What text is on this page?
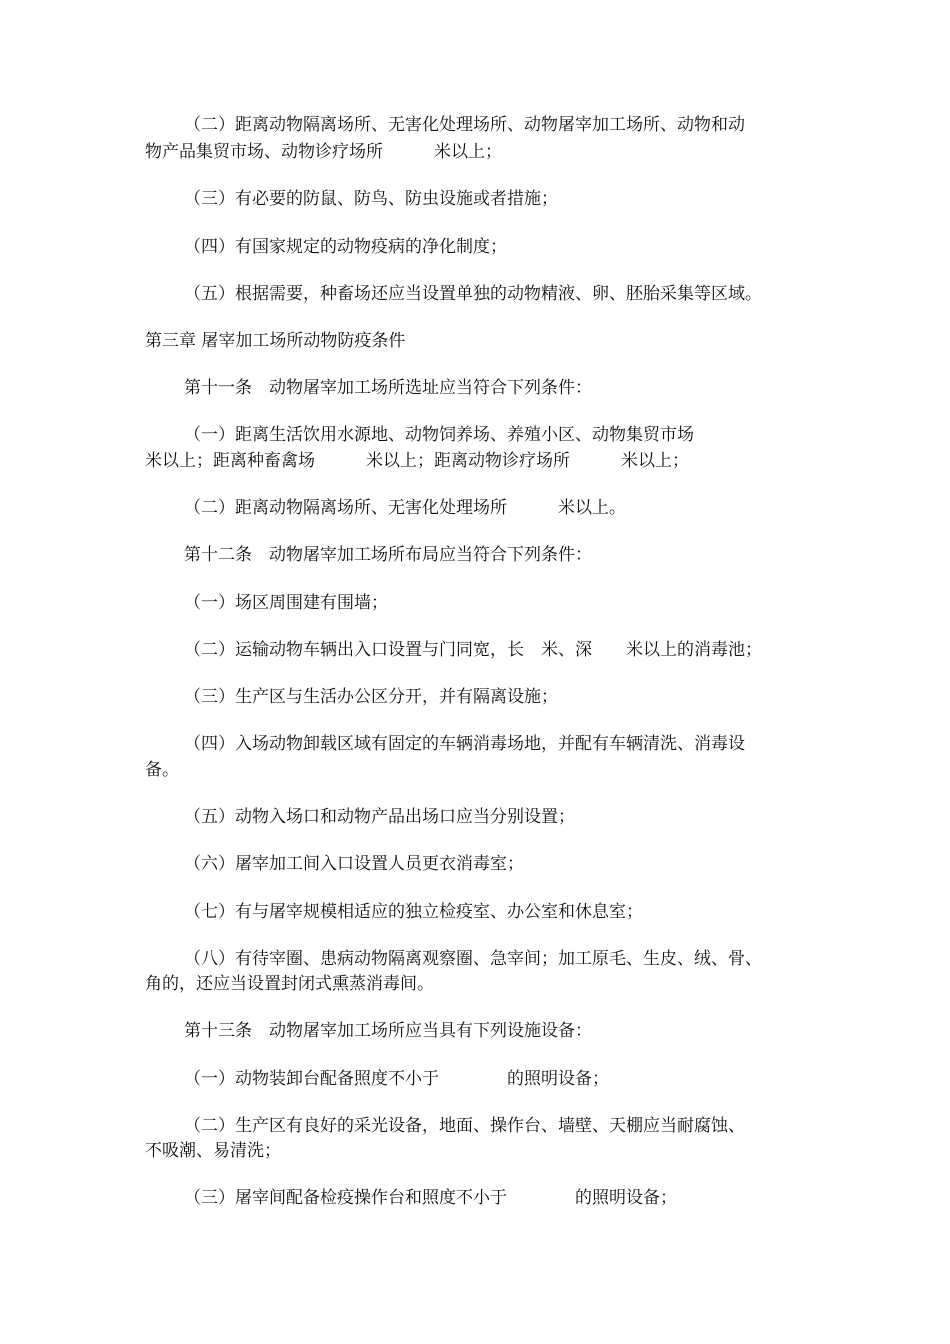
（二）距离动物隔离场所、无害化处理场所、动物屠宰加工场所、动物和动
物产品集贸市场、动物诊疗场所　　　米以上；
（三）有必要的防鼠、防鸟、防虫设施或者措施；
（四）有国家规定的动物疫病的净化制度；
（五）根据需要，种畜场还应当设置单独的动物精液、卵、胚胎采集等区域。
第三章 屠宰加工场所动物防疫条件
第十一条　动物屠宰加工场所选址应当符合下列条件：
（一）距离生活饮用水源地、动物饲养场、养殖小区、动物集贸市场
米以上；距离种畜禽场　　　米以上；距离动物诊疗场所　　　米以上；
（二）距离动物隔离场所、无害化处理场所　　　米以上。
第十二条　动物屠宰加工场所布局应当符合下列条件：
（一）场区周围建有围墙；
（二）运输动物车辆出入口设置与门同宽，长　米、深　　米以上的消毒池；
（三）生产区与生活办公区分开，并有隔离设施；
（四）入场动物卸载区域有固定的车辆消毒场地，并配有车辆清洗、消毒设
备。
（五）动物入场口和动物产品出场口应当分别设置；
（六）屠宰加工间入口设置人员更衣消毒室；
（七）有与屠宰规模相适应的独立检疫室、办公室和休息室；
（八）有待宰圈、患病动物隔离观察圈、急宰间；加工原毛、生皮、绒、骨、
角的，还应当设置封闭式熏蒸消毒间。
第十三条　动物屠宰加工场所应当具有下列设施设备：
（一）动物装卸台配备照度不小于　　　　的照明设备；
（二）生产区有良好的采光设备，地面、操作台、墙壁、天棚应当耐腐蚀、
不吸潮、易清洗；
（三）屠宰间配备检疫操作台和照度不小于　　　　的照明设备；
